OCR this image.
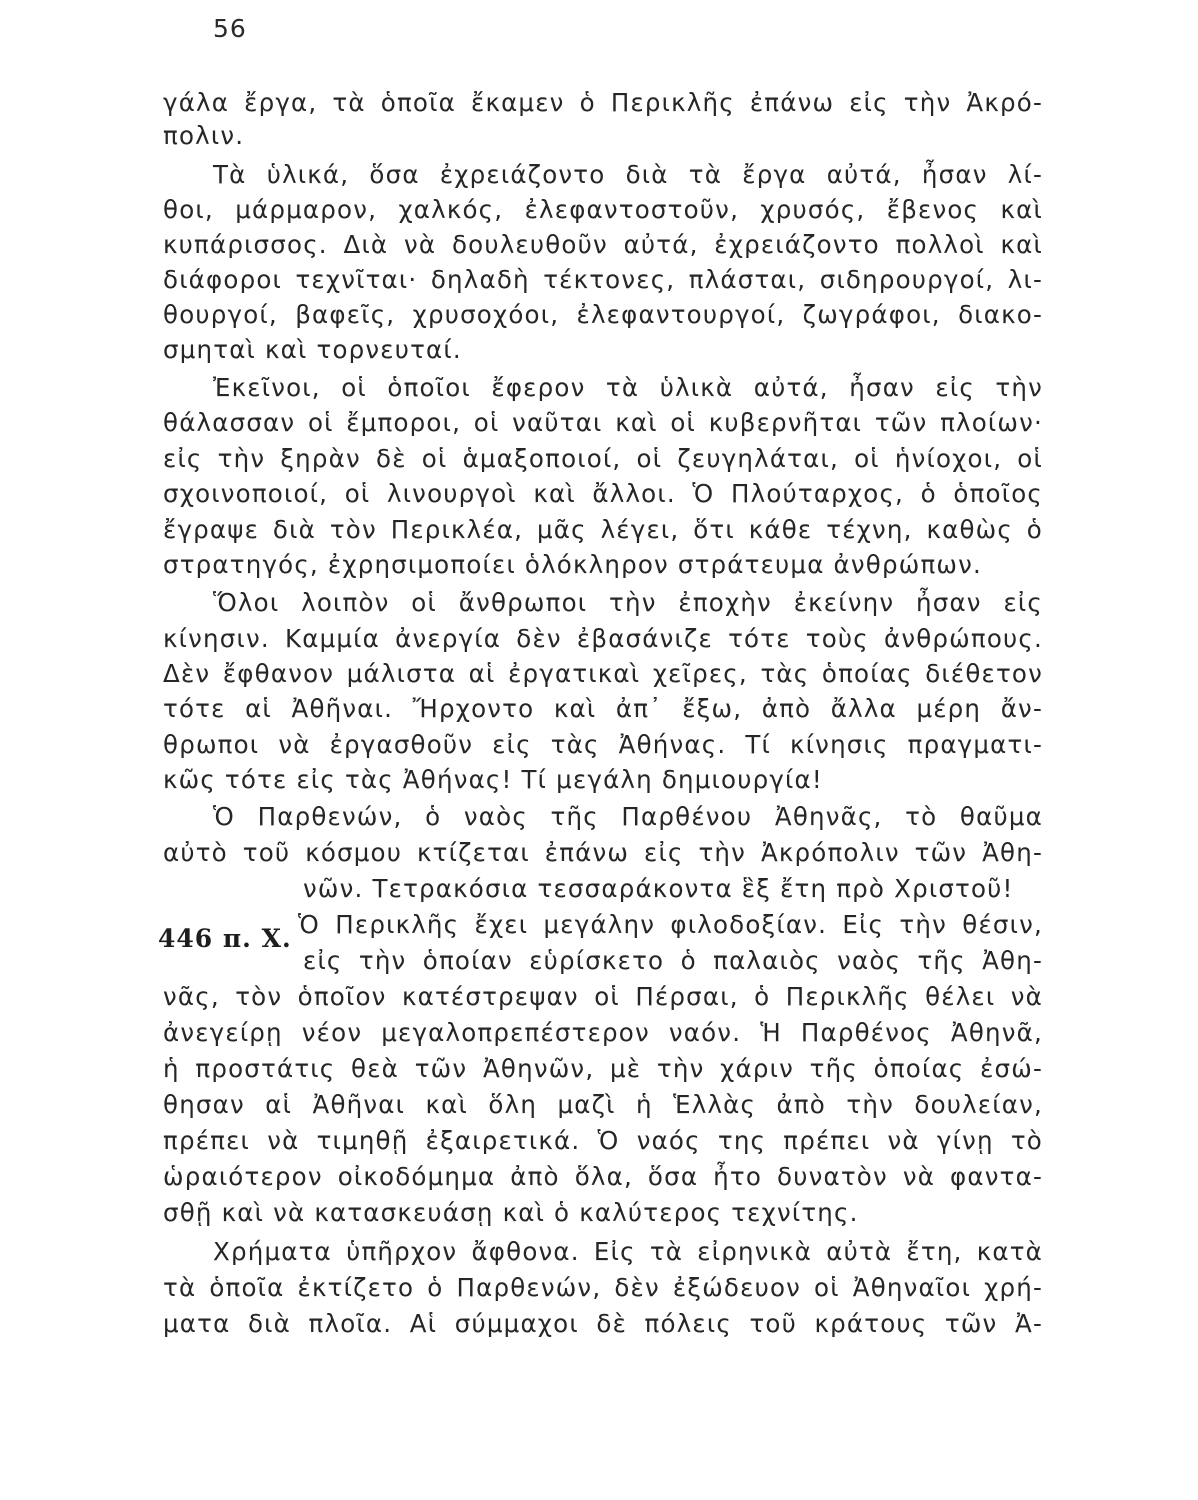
56
γάλα ἔργα, τὰ ὁποῖα ἔκαμεν ὁ Περικλῆς ἐπάνω εἰς τὴν Ἀκρό-
πολιν.
Τὰ ὑλικά, ὅσα ἐχρειάζοντο διὰ τὰ ἔργα αὐτά, ἦσαν λί-
θοι, μάρμαρον, χαλκός, ἐλεφαντοστοῦν, χρυσός, ἔβενος καὶ
κυπάρισσος. Διὰ νὰ δουλευθοῦν αὐτά, ἐχρειάζοντο πολλοὶ καὶ
διάφοροι τεχνῖται· δηλαδὴ τέκτονες, πλάσται, σιδηρουργοί, λι-
θουργοί, βαφεῖς, χρυσοχόοι, ἐλεφαντουργοί, ζωγράφοι, διακο-
σμηταὶ καὶ τορνευταί.
Ἐκεῖνοι, οἱ ὁποῖοι ἔφερον τὰ ὑλικὰ αὐτά, ἦσαν εἰς τὴν
θάλασσαν οἱ ἔμποροι, οἱ ναῦται καὶ οἱ κυβερνῆται τῶν πλοίων·
εἰς τὴν ξηρὰν δὲ οἱ ἁμαξοποιοί, οἱ ζευγηλάται, οἱ ἡνίοχοι, οἱ
σχοινοποιοί, οἱ λινουργοὶ καὶ ἄλλοι. Ὁ Πλούταρχος, ὁ ὁποῖος
ἔγραψε διὰ τὸν Περικλέα, μᾶς λέγει, ὅτι κάθε τέχνη, καθὼς ὁ
στρατηγός, ἐχρησιμοποίει ὁλόκληρον στράτευμα ἀνθρώπων.
Ὅλοι λοιπὸν οἱ ἄνθρωποι τὴν ἐποχὴν ἐκείνην ἦσαν εἰς
κίνησιν. Καμμία ἀνεργία δὲν ἐβασάνιζε τότε τοὺς ἀνθρώπους.
Δὲν ἔφθανον μάλιστα αἱ ἐργατικαὶ χεῖρες, τὰς ὁποίας διέθετον
τότε αἱ Ἀθῆναι. Ἤρχοντο καὶ ἀπ᾽ ἔξω, ἀπὸ ἄλλα μέρη ἄν-
θρωποι νὰ ἐργασθοῦν εἰς τὰς Ἀθήνας. Τί κίνησις πραγματι-
κῶς τότε εἰς τὰς Ἀθήνας! Τί μεγάλη δημιουργία!
Ὁ Παρθενών, ὁ ναὸς τῆς Παρθένου Ἀθηνᾶς, τὸ θαῦμα
αὐτὸ τοῦ κόσμου κτίζεται ἐπάνω εἰς τὴν Ἀκρόπολιν τῶν Ἀθη-
νῶν. Τετρακόσια τεσσαράκοντα ἓξ ἔτη πρὸ Χριστοῦ!
446 π. Χ. Ὁ Περικλῆς ἔχει μεγάλην φιλοδοξίαν. Εἰς τὴν θέσιν,
εἰς τὴν ὁποίαν εὑρίσκετο ὁ παλαιὸς ναὸς τῆς Ἀθη-
νᾶς, τὸν ὁποῖον κατέστρεψαν οἱ Πέρσαι, ὁ Περικλῆς θέλει νὰ
ἀνεγείρῃ νέον μεγαλοπρεπέστερον ναόν. Ἡ Παρθένος Ἀθηνᾶ,
ἡ προστάτις θεὰ τῶν Ἀθηνῶν, μὲ τὴν χάριν τῆς ὁποίας ἐσώ-
θησαν αἱ Ἀθῆναι καὶ ὅλη μαζὶ ἡ Ἑλλὰς ἀπὸ τὴν δουλείαν,
πρέπει νὰ τιμηθῇ ἐξαιρετικά. Ὁ ναός της πρέπει νὰ γίνῃ τὸ
ὡραιότερον οἰκοδόμημα ἀπὸ ὅλα, ὅσα ἦτο δυνατὸν νὰ φαντα-
σθῇ καὶ νὰ κατασκευάσῃ καὶ ὁ καλύτερος τεχνίτης.
Χρήματα ὑπῆρχον ἄφθονα. Εἰς τὰ εἰρηνικὰ αὐτὰ ἔτη, κατὰ
τὰ ὁποῖα ἐκτίζετο ὁ Παρθενών, δὲν ἐξώδευον οἱ Ἀθηναῖοι χρή-
ματα διὰ πλοῖα. Αἱ σύμμαχοι δὲ πόλεις τοῦ κράτους τῶν Ἀ-
